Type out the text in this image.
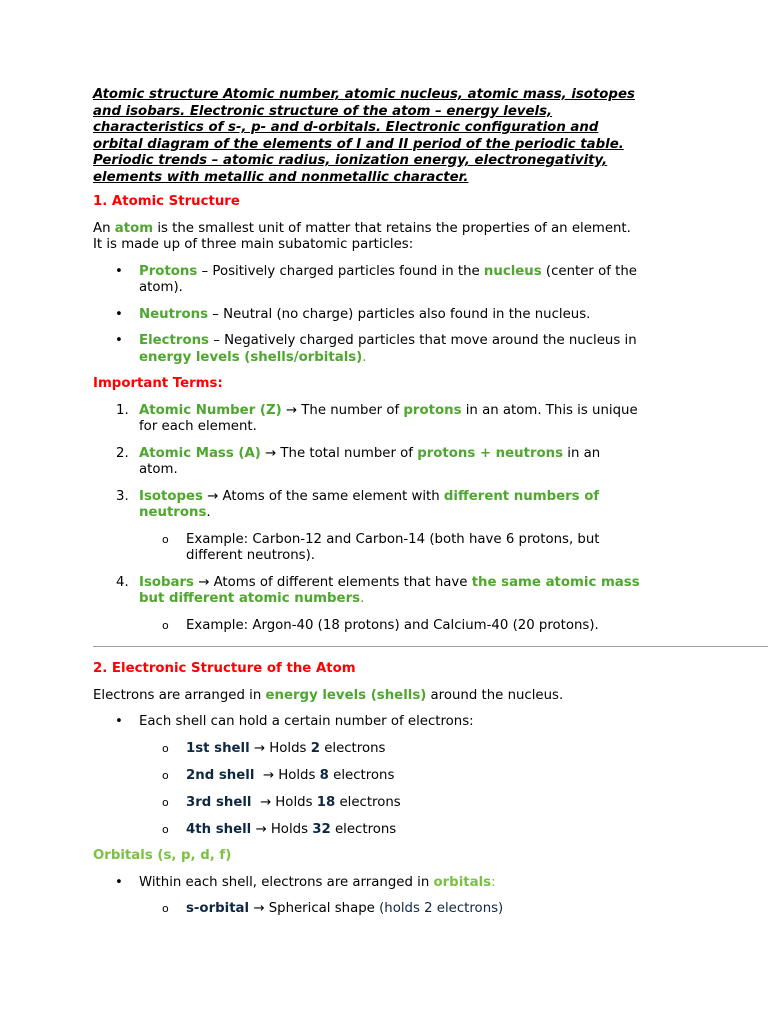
Atomic structure Atomic number, atomic nucleus, atomic mass, isotopes
and isobars. Electronic structure of the atom – energy levels,
characteristics of s-, p- and d-orbitals. Electronic configuration and
orbital diagram of the elements of I and II period of the periodic table.
Periodic trends – atomic radius, ionization energy, electronegativity,
elements with metallic and nonmetallic character.
1. Atomic Structure
An atom is the smallest unit of matter that retains the properties of an element.
It is made up of three main subatomic particles:
• Protons – Positively charged particles found in the nucleus (center of the
atom).
• Neutrons – Neutral (no charge) particles also found in the nucleus.
• Electrons – Negatively charged particles that move around the nucleus in
energy levels (shells/orbitals).
Important Terms:
1. Atomic Number (Z) → The number of protons in an atom. This is unique
for each element.
2. Atomic Mass (A) → The total number of protons + neutrons in an
atom.
3. Isotopes → Atoms of the same element with different numbers of
neutrons.
o Example: Carbon-12 and Carbon-14 (both have 6 protons, but
different neutrons).
4. Isobars → Atoms of different elements that have the same atomic mass
but different atomic numbers.
o Example: Argon-40 (18 protons) and Calcium-40 (20 protons).
2. Electronic Structure of the Atom
Electrons are arranged in energy levels (shells) around the nucleus.
• Each shell can hold a certain number of electrons:
o 1st shell → Holds 2 electrons
o 2nd shell  → Holds 8 electrons
o 3rd shell  → Holds 18 electrons
o 4th shell → Holds 32 electrons
Orbitals (s, p, d, f)
• Within each shell, electrons are arranged in orbitals:
o s-orbital → Spherical shape (holds 2 electrons)
